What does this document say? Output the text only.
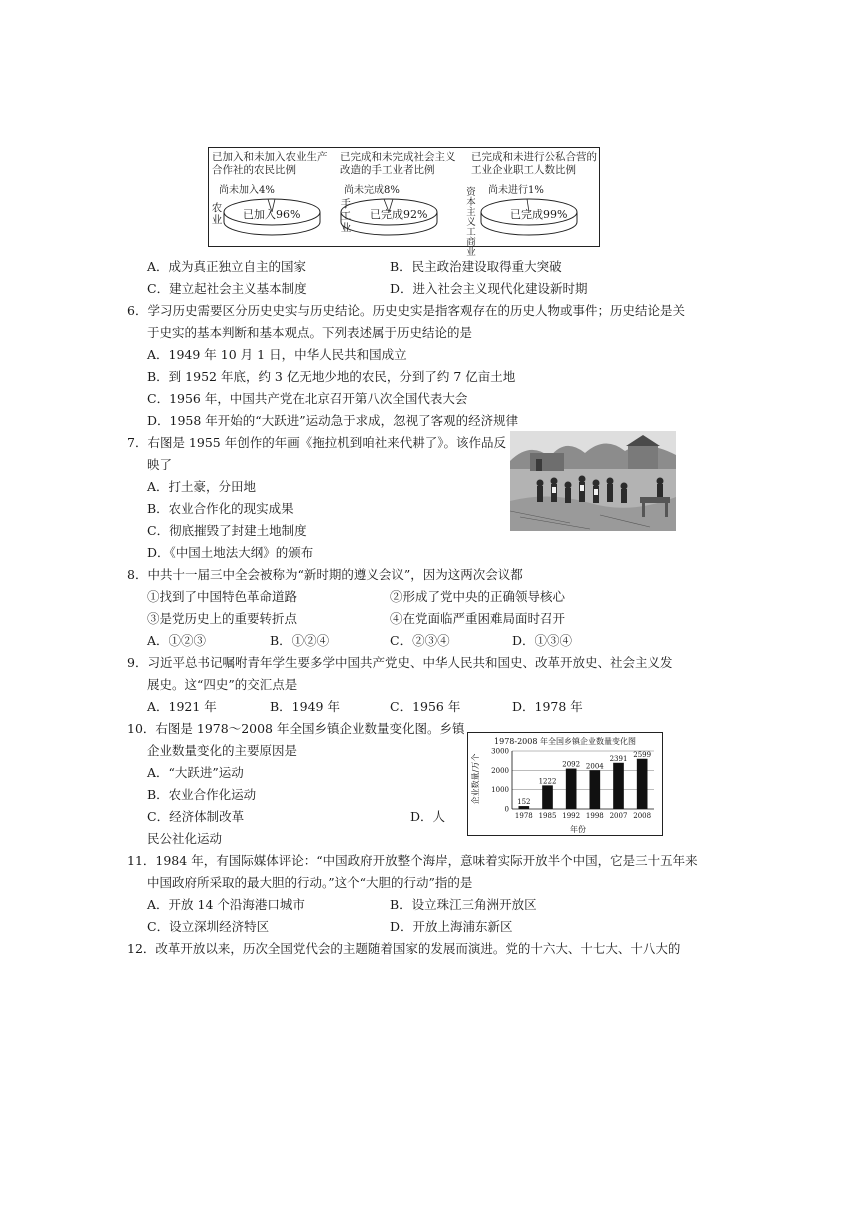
已加入和未加入农业生产合作社的农民比例
尚未加入4%
已加入96%
农业
已完成和未完成社会主义改造的手工业者比例
尚未完成8%
已完成92%
手工业
已完成和未进行公私合营的工业企业职工人数比例
尚未进行1%
已完成99%
资本主义工商业
A．成为真正独立自主的国家	B．民主政治建设取得重大突破
C．建立起社会主义基本制度	D．进入社会主义现代化建设新时期
6．学习历史需要区分历史史实与历史结论。历史史实是指客观存在的历史人物或事件；历史结论是关
于史实的基本判断和基本观点。下列表述属于历史结论的是
A．1949 年 10 月 1 日，中华人民共和国成立
B．到 1952 年底，约 3 亿无地少地的农民，分到了约 7 亿亩土地
C．1956 年，中国共产党在北京召开第八次全国代表大会
D．1958 年开始的“大跃进”运动急于求成，忽视了客观的经济规律
7．右图是 1955 年创作的年画《拖拉机到咱社来代耕了》。该作品反
映了
A．打土豪，分田地
B．农业合作化的现实成果
C．彻底摧毁了封建土地制度
D．《中国土地法大纲》的颁布
8．中共十一届三中全会被称为“新时期的遵义会议”，因为这两次会议都
①找到了中国特色革命道路	②形成了党中央的正确领导核心
③是党历史上的重要转折点	④在党面临严重困难局面时召开
A．①②③	B．①②④	C．②③④	D．①③④
9．习近平总书记嘱咐青年学生要多学中国共产党史、中华人民共和国史、改革开放史、社会主义发
展史。这“四史”的交汇点是
A．1921 年	B．1949 年	C．1956 年	D．1978 年
10．右图是 1978～2008 年全国乡镇企业数量变化图。乡镇
企业数量变化的主要原因是
A．“大跃进”运动
B．农业合作化运动
C．经济体制改革	D．人
民公社化运动
1978-2008 年全国乡镇企业数量变化图
企业数量/万个
年份
0
1000
2000
3000
152
1978
1222
1985
2092
1992
2004
1998
2391
2007
2599
2008
11．1984 年，有国际媒体评论：“中国政府开放整个海岸，意味着实际开放半个中国，它是三十五年来
中国政府所采取的最大胆的行动。”这个“大胆的行动”指的是
A．开放 14 个沿海港口城市	B．设立珠江三角洲开放区
C．设立深圳经济特区	D．开放上海浦东新区
12．改革开放以来，历次全国党代会的主题随着国家的发展而演进。党的十六大、十七大、十八大的
